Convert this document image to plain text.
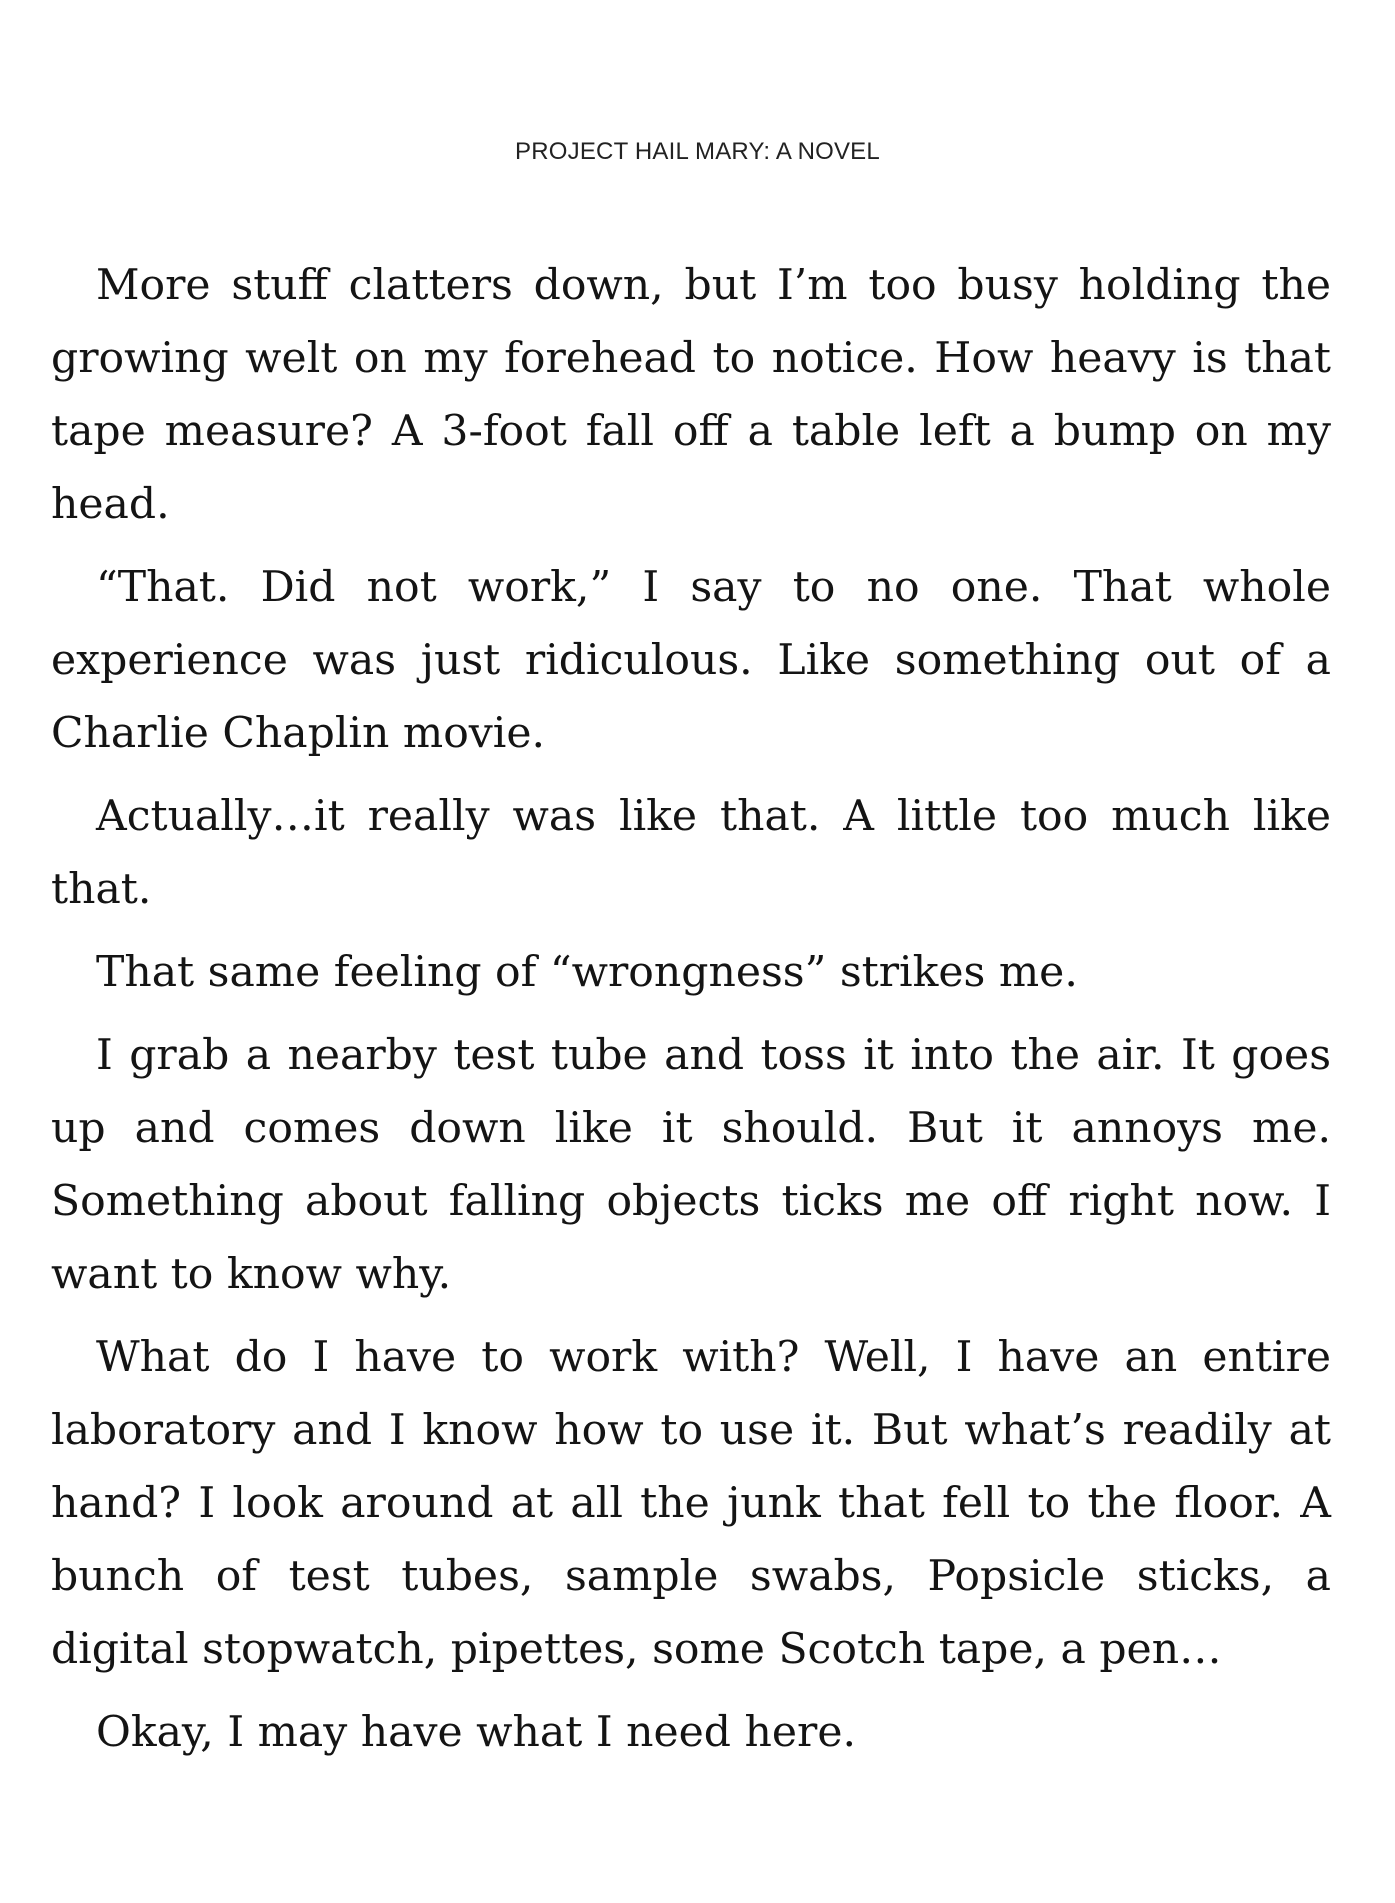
PROJECT HAIL MARY: A NOVEL

More stuff clatters down, but I’m too busy holding the growing welt on my forehead to notice. How heavy is that tape measure? A 3-foot fall off a table left a bump on my head.

“That. Did not work,” I say to no one. That whole experience was just ridiculous. Like something out of a Charlie Chaplin movie.

Actually…it really was like that. A little too much like that.

That same feeling of “wrongness” strikes me.

I grab a nearby test tube and toss it into the air. It goes up and comes down like it should. But it annoys me. Something about falling objects ticks me off right now. I want to know why.

What do I have to work with? Well, I have an entire laboratory and I know how to use it. But what’s readily at hand? I look around at all the junk that fell to the floor. A bunch of test tubes, sample swabs, Popsicle sticks, a digital stopwatch, pipettes, some Scotch tape, a pen…

Okay, I may have what I need here.
